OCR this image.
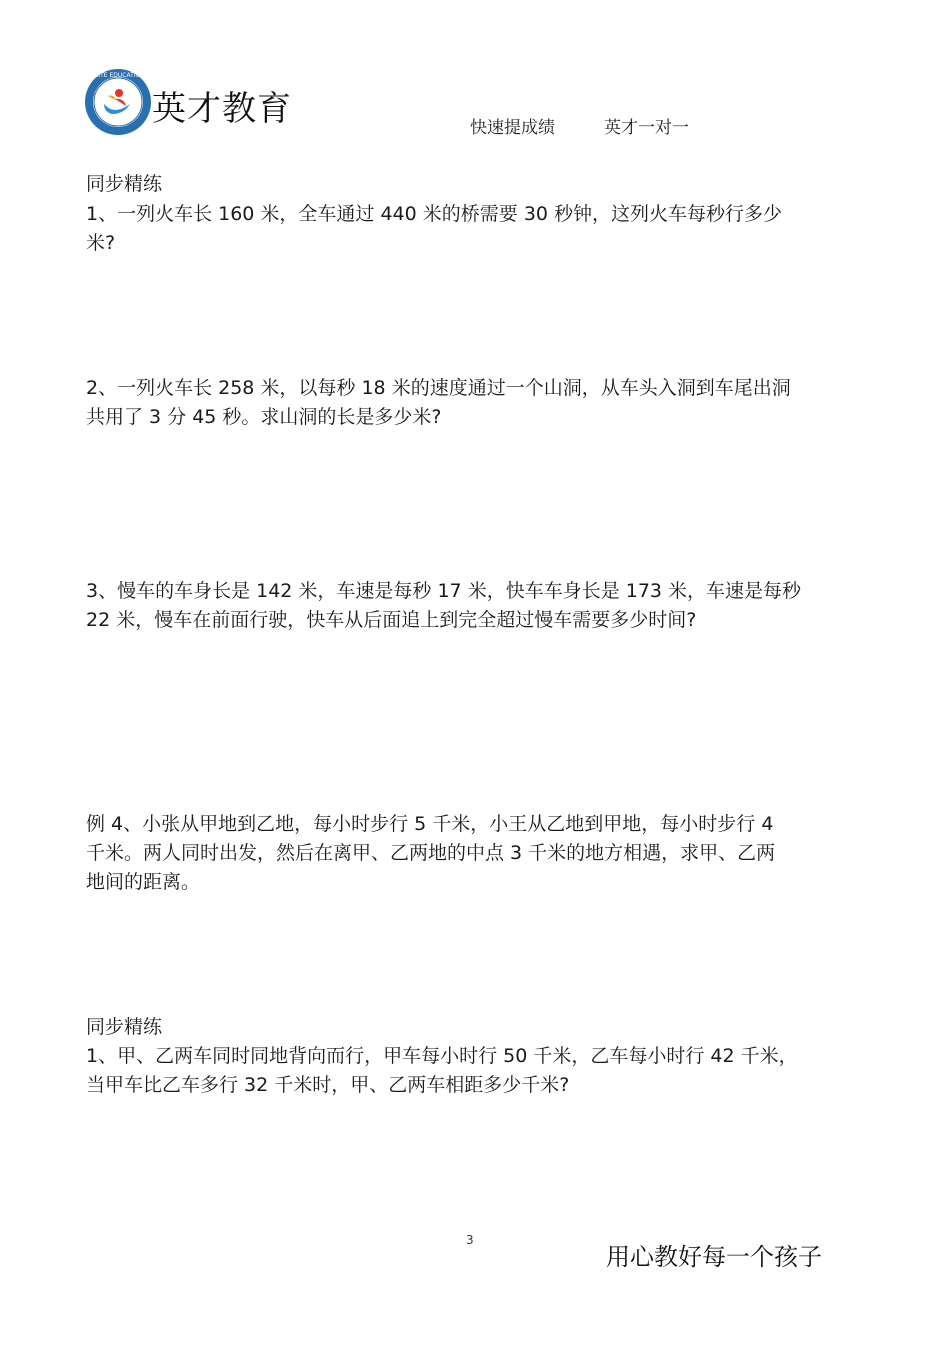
ELITE EDUCATION
英才教育	快速提成绩	英才一对一
同步精练
1、一列火车长 160 米，全车通过 440 米的桥需要 30 秒钟，这列火车每秒行多少
米?
2、一列火车长 258 米，以每秒 18 米的速度通过一个山洞，从车头入洞到车尾出洞
共用了 3 分 45 秒。求山洞的长是多少米?
3、慢车的车身长是 142 米，车速是每秒 17 米，快车车身长是 173 米，车速是每秒
22 米，慢车在前面行驶，快车从后面追上到完全超过慢车需要多少时间?
例 4、小张从甲地到乙地，每小时步行 5 千米，小王从乙地到甲地，每小时步行 4
千米。两人同时出发，然后在离甲、乙两地的中点 3 千米的地方相遇，求甲、乙两
地间的距离。
同步精练
1、甲、乙两车同时同地背向而行，甲车每小时行 50 千米，乙车每小时行 42 千米，
当甲车比乙车多行 32 千米时，甲、乙两车相距多少千米?
3
用心教好每一个孩子
